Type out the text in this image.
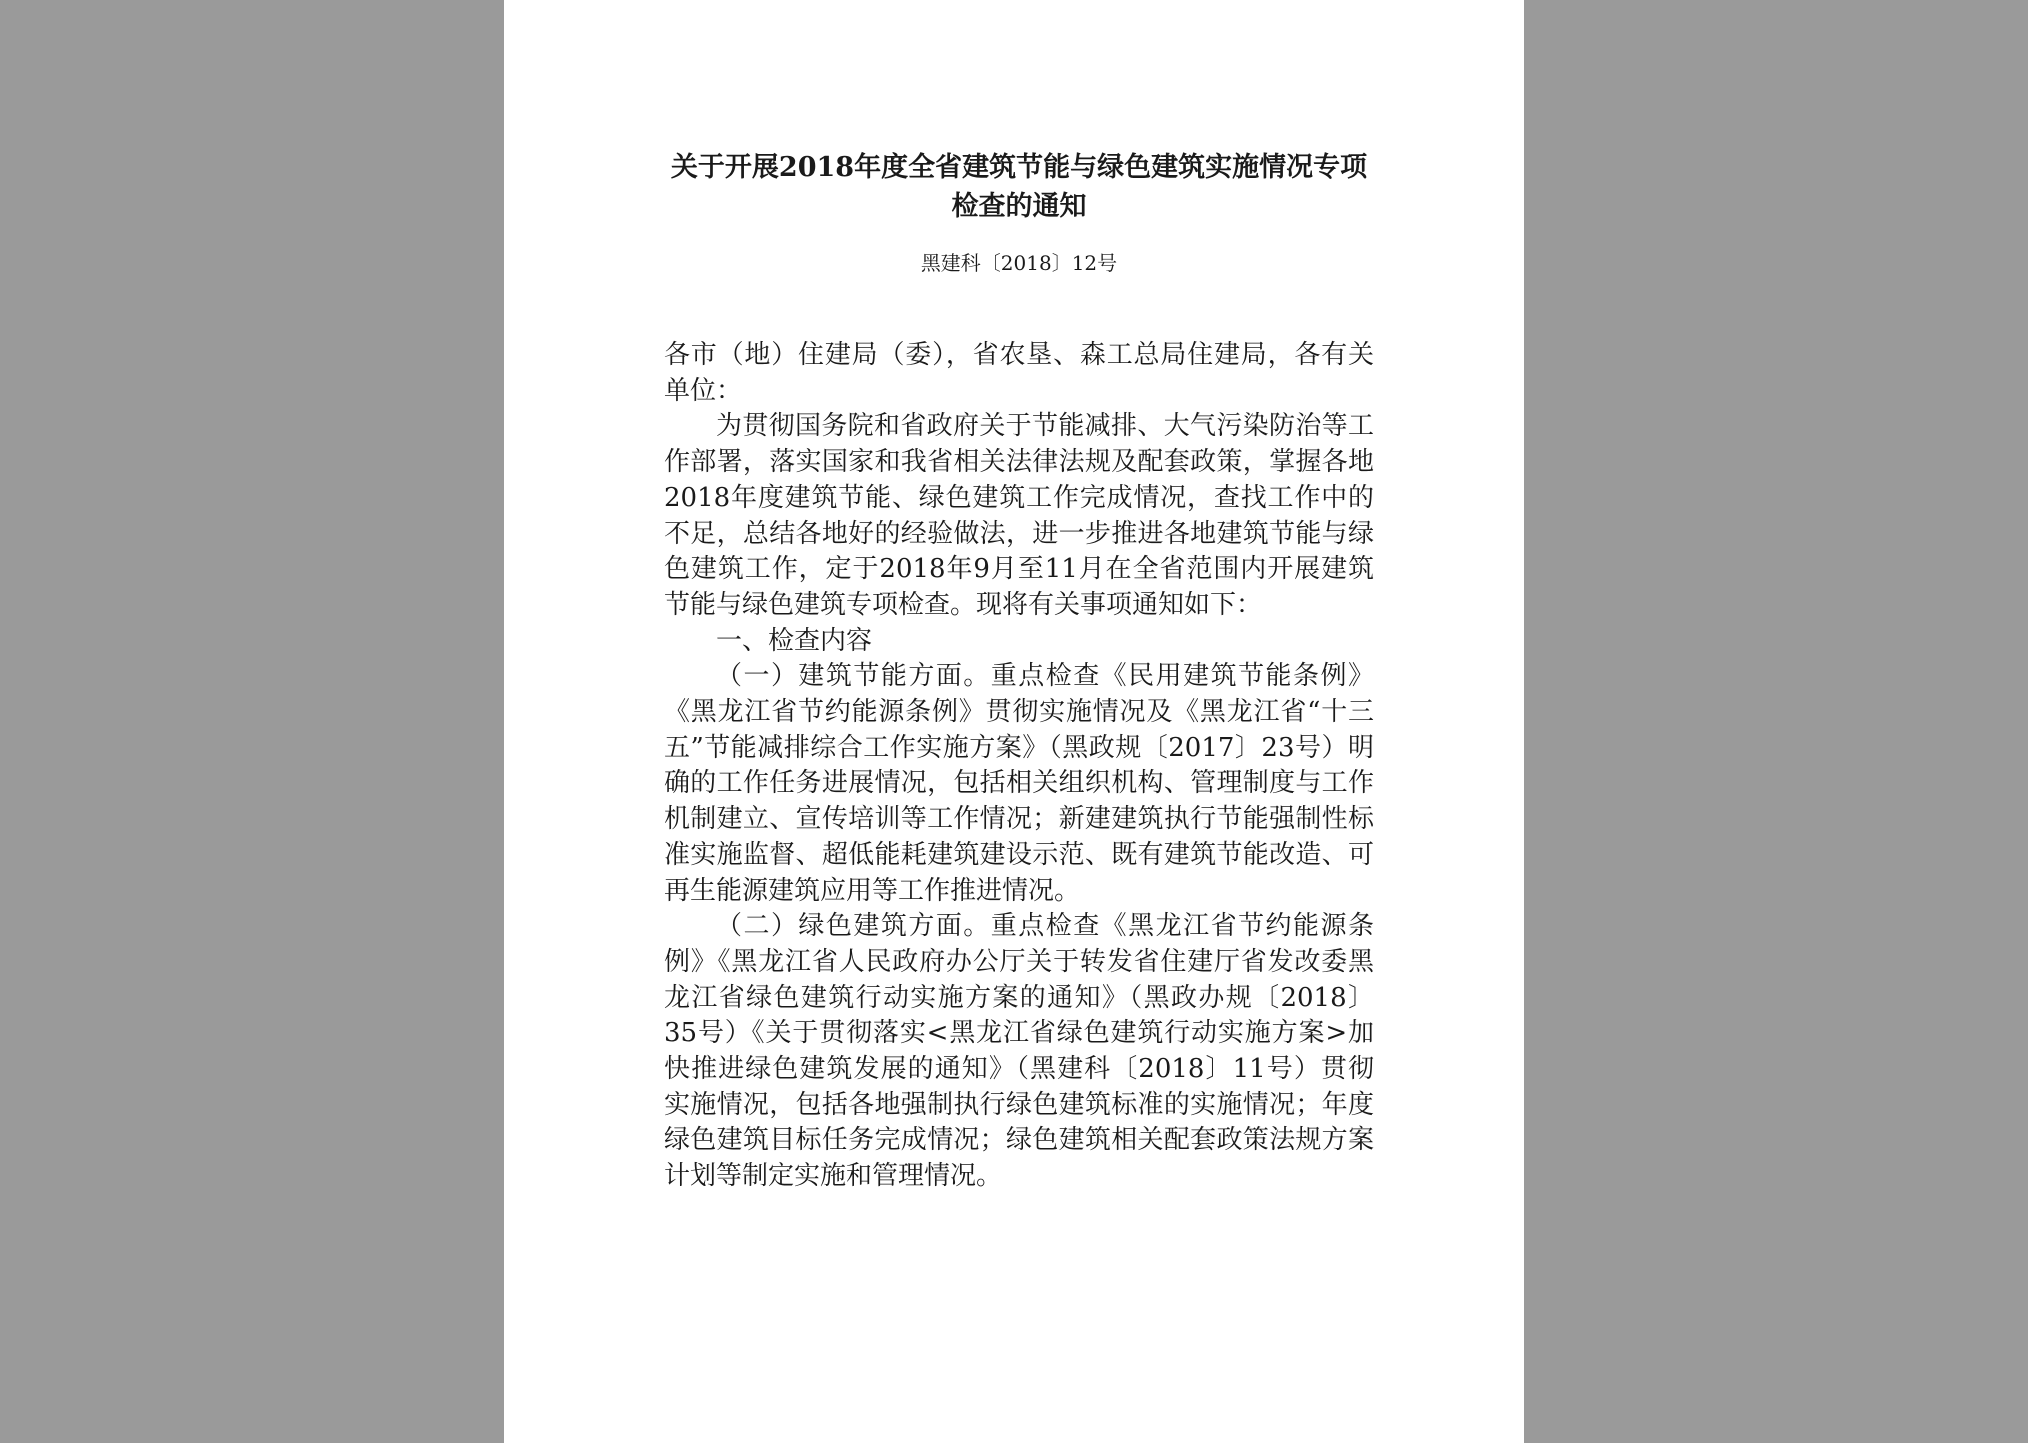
关于开展2018年度全省建筑节能与绿色建筑实施情况专项检查的通知
黑建科〔2018〕12号

各市（地）住建局（委），省农垦、森工总局住建局，各有关单位：

为贯彻国务院和省政府关于节能减排、大气污染防治等工作部署，落实国家和我省相关法律法规及配套政策，掌握各地2018年度建筑节能、绿色建筑工作完成情况，查找工作中的不足，总结各地好的经验做法，进一步推进各地建筑节能与绿色建筑工作，定于2018年9月至11月在全省范围内开展建筑节能与绿色建筑专项检查。现将有关事项通知如下：

一、检查内容

（一）建筑节能方面。重点检查《民用建筑节能条例》《黑龙江省节约能源条例》贯彻实施情况及《黑龙江省“十三五”节能减排综合工作实施方案》（黑政规〔2017〕23号）明确的工作任务进展情况，包括相关组织机构、管理制度与工作机制建立、宣传培训等工作情况；新建建筑执行节能强制性标准实施监督、超低能耗建筑建设示范、既有建筑节能改造、可再生能源建筑应用等工作推进情况。

（二）绿色建筑方面。重点检查《黑龙江省节约能源条例》《黑龙江省人民政府办公厅关于转发省住建厅省发改委黑龙江省绿色建筑行动实施方案的通知》（黑政办规〔2018〕35号）《关于贯彻落实<黑龙江省绿色建筑行动实施方案>加快推进绿色建筑发展的通知》（黑建科〔2018〕11号）贯彻实施情况，包括各地强制执行绿色建筑标准的实施情况；年度绿色建筑目标任务完成情况；绿色建筑相关配套政策法规方案计划等制定实施和管理情况。
